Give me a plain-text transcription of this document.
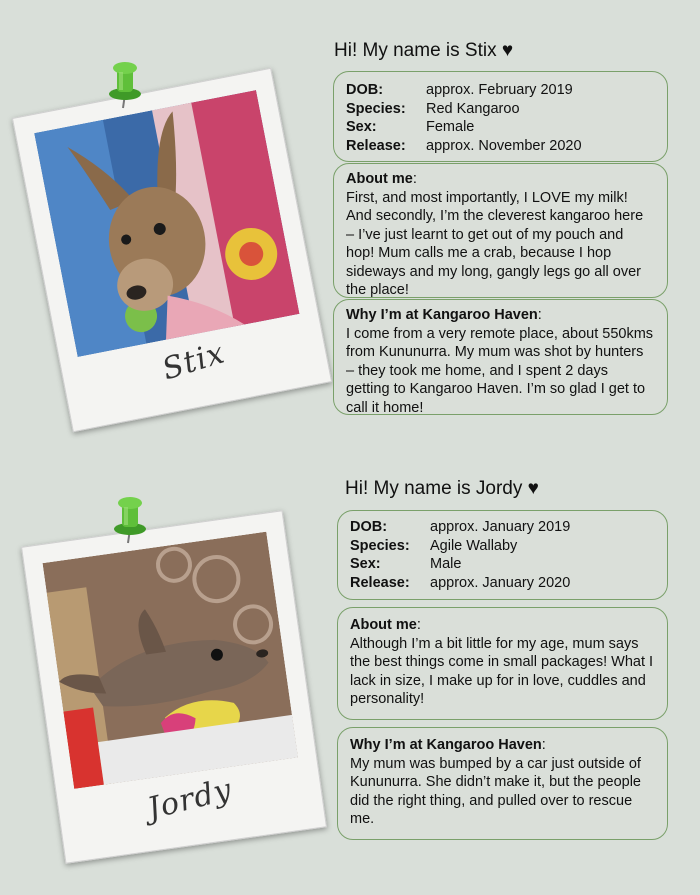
Stix
Hi! My name is Stix ♥
DOB:	approx. February 2019
Species:	Red Kangaroo
Sex:	Female
Release:	approx. November 2020
About me:
First, and most importantly, I LOVE my milk! And secondly, I’m the cleverest kangaroo here – I’ve just learnt to get out of my pouch and hop! Mum calls me a crab, because I hop sideways and my long, gangly legs go all over the place!
Why I’m at Kangaroo Haven:
I come from a very remote place, about 550kms from Kununurra. My mum was shot by hunters – they took me home, and I spent 2 days getting to Kangaroo Haven. I’m so glad I get to call it home!
Jordy
Hi! My name is Jordy ♥
DOB:	approx. January 2019
Species:	Agile Wallaby
Sex:	Male
Release:	approx. January 2020
About me:
Although I’m a bit little for my age, mum says the best things come in small packages! What I lack in size, I make up for in love, cuddles and personality!
Why I’m at Kangaroo Haven:
My mum was bumped by a car just outside of Kununurra. She didn’t make it, but the people did the right thing, and pulled over to rescue me.
